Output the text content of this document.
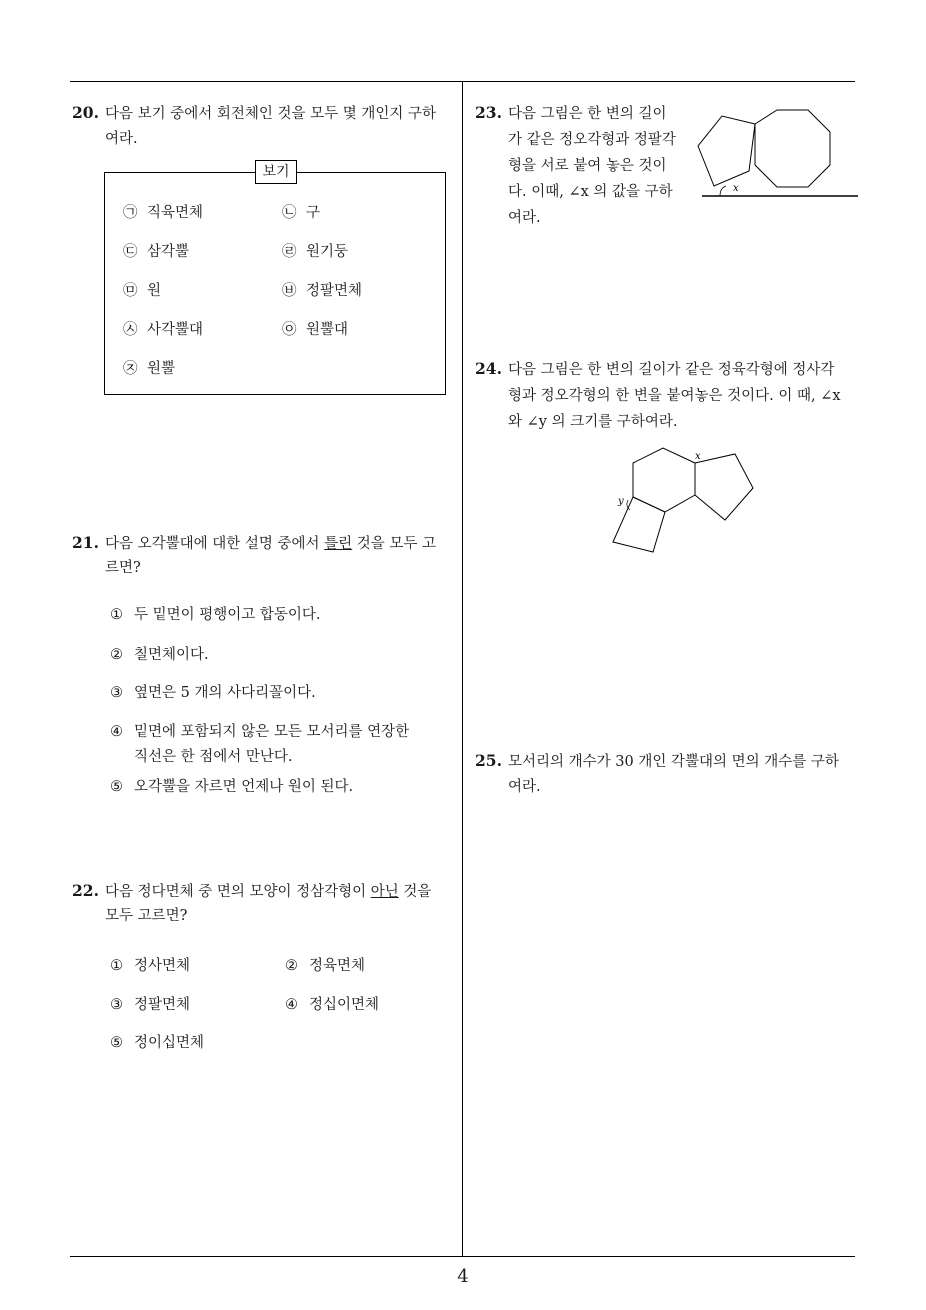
4
20. 다음 보기 중에서 회전체인 것을 모두 몇 개인지 구하
여라.
보기
㉠ 직육면체	㉡ 구
㉢ 삼각뿔	㉣ 원기둥
㉤ 원	㉥ 정팔면체
㉦ 사각뿔대	㉧ 원뿔대
㉨ 원뿔
21. 다음 오각뿔대에 대한 설명 중에서 틀린 것을 모두 고
르면?
① 두 밑면이 평행이고 합동이다.
② 칠면체이다.
③ 옆면은 5 개의 사다리꼴이다.
④ 밑면에 포함되지 않은 모든 모서리를 연장한
직선은 한 점에서 만난다.
⑤ 오각뿔을 자르면 언제나 원이 된다.
22. 다음 정다면체 중 면의 모양이 정삼각형이 아닌 것을
모두 고르면?
① 정사면체	② 정육면체
③ 정팔면체	④ 정십이면체
⑤ 정이십면체
23. 다음 그림은 한 변의 길이
가 같은 정오각형과 정팔각
형을 서로 붙여 놓은 것이
다. 이때, ∠x 의 값을 구하
여라.
x
24. 다음 그림은 한 변의 길이가 같은 정육각형에 정사각
형과 정오각형의 한 변을 붙여놓은 것이다. 이 때, ∠x
와 ∠y 의 크기를 구하여라.
x
y
25. 모서리의 개수가 30 개인 각뿔대의 면의 개수를 구하
여라.
